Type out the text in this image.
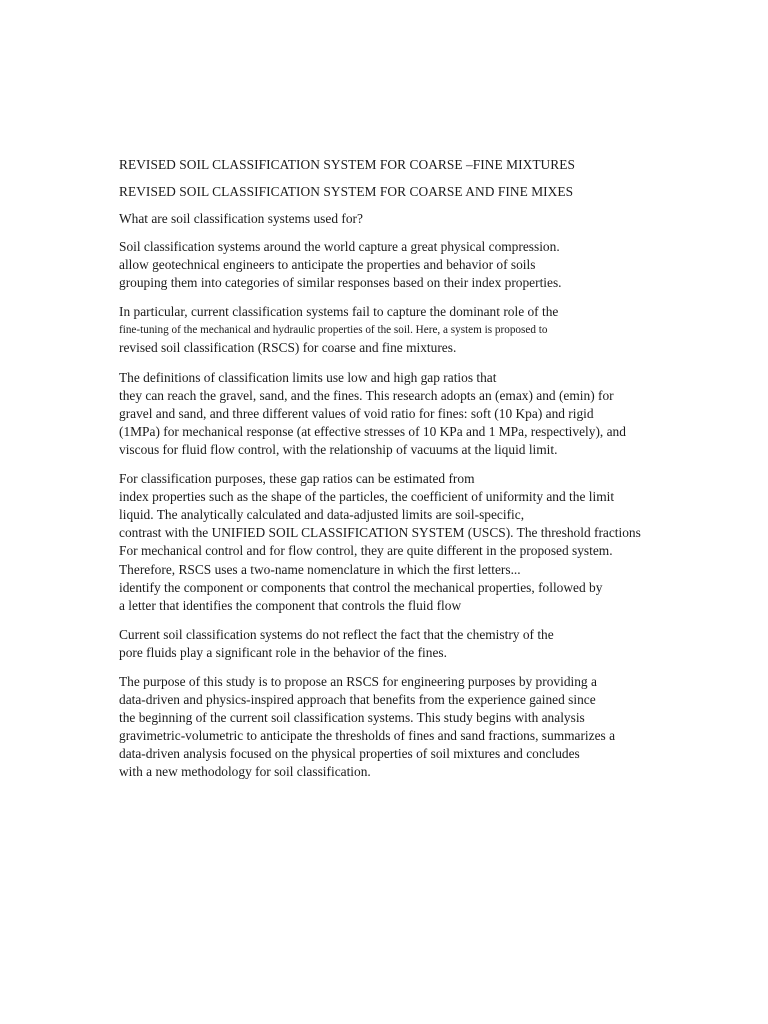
REVISED SOIL CLASSIFICATION SYSTEM FOR COARSE –FINE MIXTURES
REVISED SOIL CLASSIFICATION SYSTEM FOR COARSE AND FINE MIXES
What are soil classification systems used for?
Soil classification systems around the world capture a great physical compression.
allow geotechnical engineers to anticipate the properties and behavior of soils
grouping them into categories of similar responses based on their index properties.
In particular, current classification systems fail to capture the dominant role of the
fine-tuning of the mechanical and hydraulic properties of the soil. Here, a system is proposed to
revised soil classification (RSCS) for coarse and fine mixtures.
The definitions of classification limits use low and high gap ratios that
they can reach the gravel, sand, and the fines. This research adopts an (emax) and (emin) for
gravel and sand, and three different values of void ratio for fines: soft (10 Kpa) and rigid
(1MPa) for mechanical response (at effective stresses of 10 KPa and 1 MPa, respectively), and
viscous for fluid flow control, with the relationship of vacuums at the liquid limit.
For classification purposes, these gap ratios can be estimated from
index properties such as the shape of the particles, the coefficient of uniformity and the limit
liquid. The analytically calculated and data-adjusted limits are soil-specific,
contrast with the UNIFIED SOIL CLASSIFICATION SYSTEM (USCS). The threshold fractions
For mechanical control and for flow control, they are quite different in the proposed system.
Therefore, RSCS uses a two-name nomenclature in which the first letters...
identify the component or components that control the mechanical properties, followed by
a letter that identifies the component that controls the fluid flow
Current soil classification systems do not reflect the fact that the chemistry of the
pore fluids play a significant role in the behavior of the fines.
The purpose of this study is to propose an RSCS for engineering purposes by providing a
data-driven and physics-inspired approach that benefits from the experience gained since
the beginning of the current soil classification systems. This study begins with analysis
gravimetric-volumetric to anticipate the thresholds of fines and sand fractions, summarizes a
data-driven analysis focused on the physical properties of soil mixtures and concludes
with a new methodology for soil classification.
